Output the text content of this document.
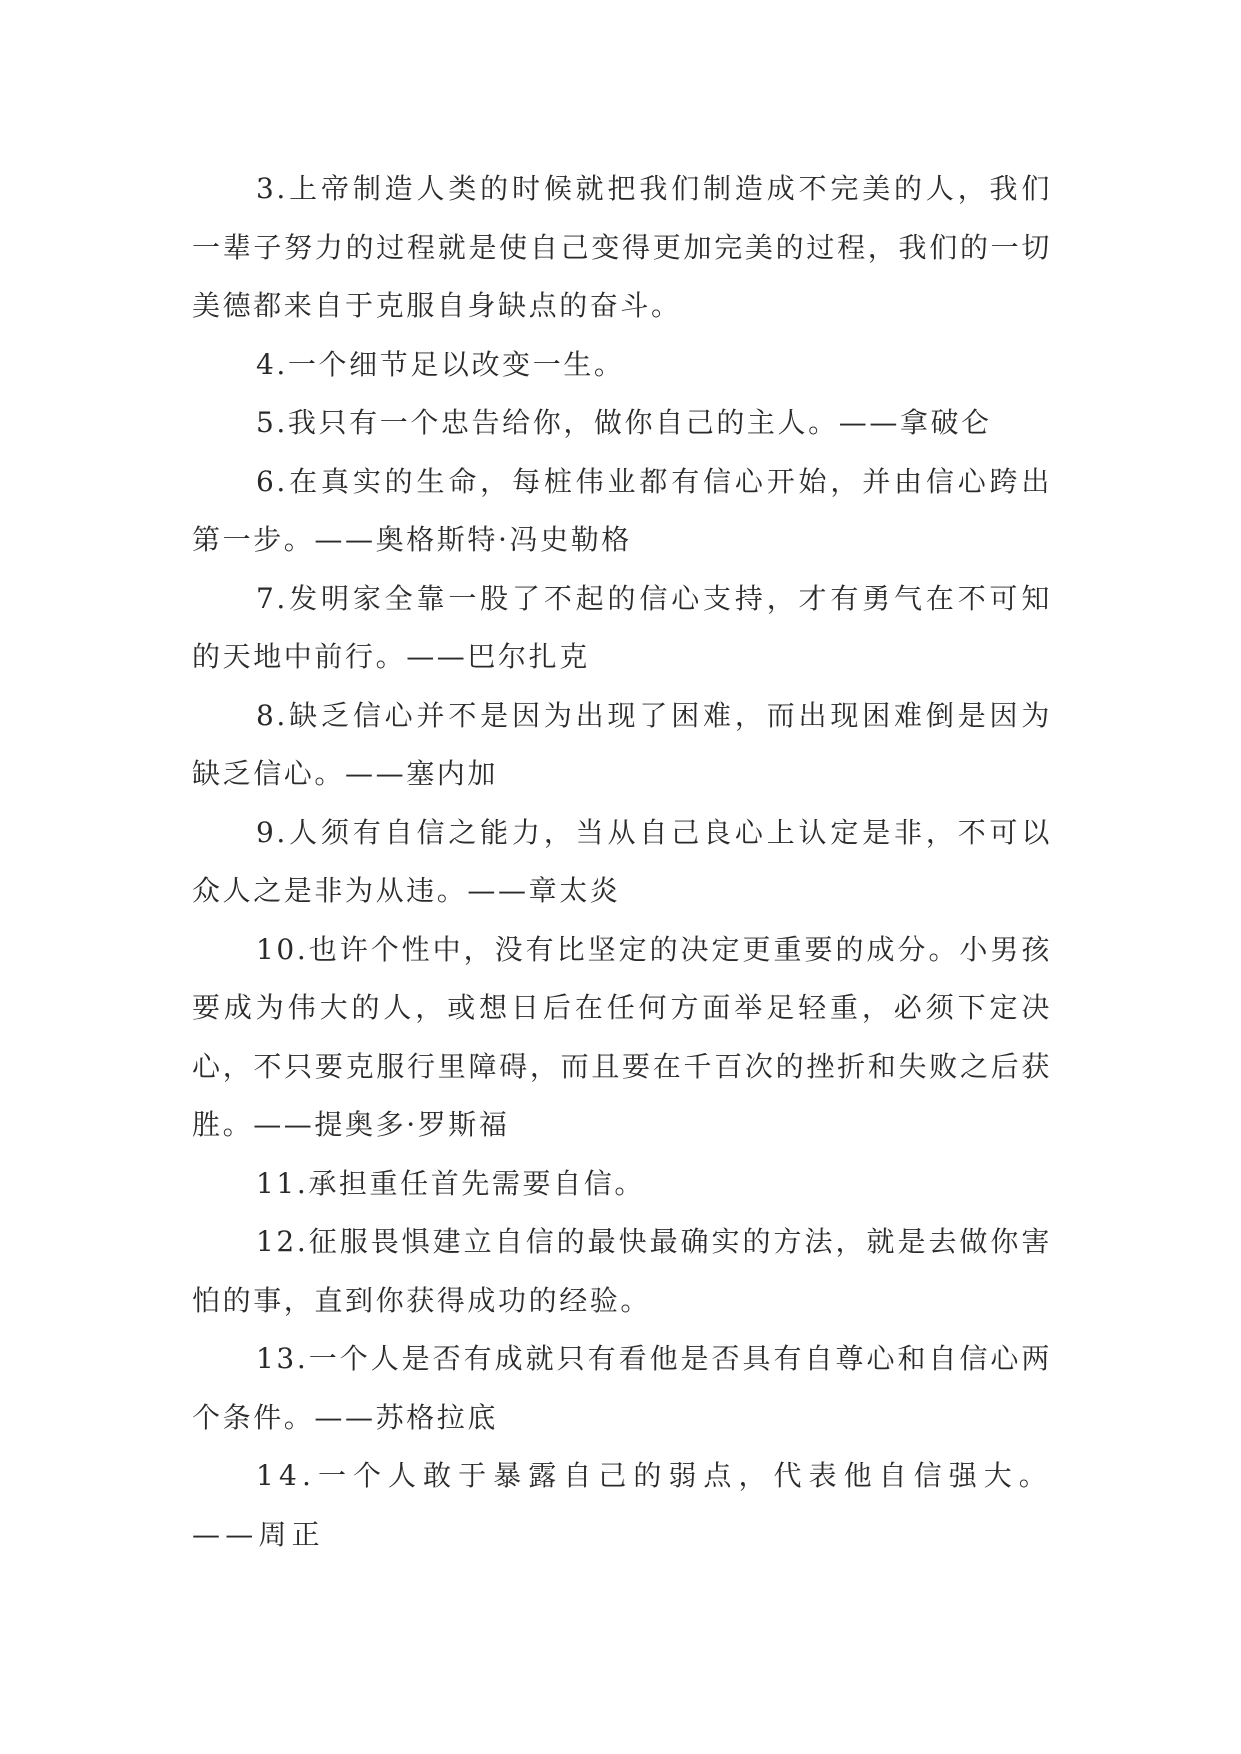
3.上帝制造人类的时候就把我们制造成不完美的人，我们一辈子努力的过程就是使自己变得更加完美的过程，我们的一切美德都来自于克服自身缺点的奋斗。

4.一个细节足以改变一生。

5.我只有一个忠告给你，做你自己的主人。——拿破仑

6.在真实的生命，每桩伟业都有信心开始，并由信心跨出第一步。——奥格斯特·冯史勒格

7.发明家全靠一股了不起的信心支持，才有勇气在不可知的天地中前行。——巴尔扎克

8.缺乏信心并不是因为出现了困难，而出现困难倒是因为缺乏信心。——塞内加

9.人须有自信之能力，当从自己良心上认定是非，不可以众人之是非为从违。——章太炎

10.也许个性中，没有比坚定的决定更重要的成分。小男孩要成为伟大的人，或想日后在任何方面举足轻重，必须下定决心，不只要克服行里障碍，而且要在千百次的挫折和失败之后获胜。——提奥多·罗斯福

11.承担重任首先需要自信。

12.征服畏惧建立自信的最快最确实的方法，就是去做你害怕的事，直到你获得成功的经验。

13.一个人是否有成就只有看他是否具有自尊心和自信心两个条件。——苏格拉底

14.一个人敢于暴露自己的弱点，代表他自信强大。——周正
